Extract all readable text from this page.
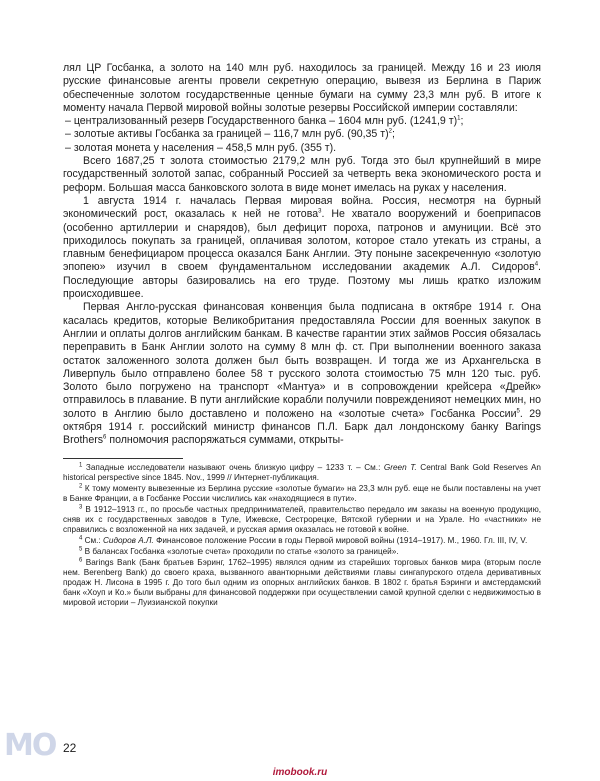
лял ЦР Госбанка, а золото на 140 млн руб. находилось за границей. Между 16 и 23 июля русские финансовые агенты провели секретную операцию, вывезя из Берлина в Париж обеспеченные золотом государственные ценные бумаги на сумму 23,3 млн руб. В итоге к моменту начала Первой мировой войны золотые резервы Российской империи составляли:

– централизованный резерв Государственного банка – 1604 млн руб. (1241,9 т)$^1$;

– золотые активы Госбанка за границей – 116,7 млн руб. (90,35 т)$^2$;

– золотая монета у населения – 458,5 млн руб. (355 т).

Всего 1687,25 т золота стоимостью 2179,2 млн руб. Тогда это был крупнейший в мире государственный золотой запас, собранный Россией за четверть века экономического роста и реформ. Большая масса банковского золота в виде монет имелась на руках у населения.

1 августа 1914 г. началась Первая мировая война. Россия, несмотря на бурный экономический рост, оказалась к ней не готова$^3$. Не хватало вооружений и боеприпасов (особенно артиллерии и снарядов), был дефицит пороха, патронов и амуниции. Всё это приходилось покупать за границей, оплачивая золотом, которое стало утекать из страны, а главным бенефициаром процесса оказался Банк Англии. Эту поныне засекреченную «золотую эпопею» изучил в своем фундаментальном исследовании академик А.Л. Сидоров$^4$. Последующие авторы базировались на его труде. Поэтому мы лишь кратко изложим происходившее.

Первая Англо-русская финансовая конвенция была подписана в октябре 1914 г. Она касалась кредитов, которые Великобритания предоставляла России для военных закупок в Англии и оплаты долгов английским банкам. В качестве гарантии этих займов Россия обязалась переправить в Банк Англии золото на сумму 8 млн ф. ст. При выполнении военного заказа остаток заложенного золота должен был быть возвращен. И тогда же из Архангельска в Ливерпуль было отправлено более 58 т русского золота стоимостью 75 млн 120 тыс. руб. Золото было погружено на транспорт «Мантуа» и в сопровождении крейсера «Дрейк» отправилось в плавание. В пути английские корабли получили поврежденияот немецких мин, но золото в Англию было доставлено и положено на «золотые счета» Госбанка России$^5$. 29 октября 1914 г. российский министр финансов П.Л. Барк дал лондонскому банку Barings Brothers$^6$ полномочия распоряжаться суммами, открыты-

$^1$ Западные исследователи называют очень близкую цифру – 1233 т. – См.: Green T. Central Bank Gold Reserves An historical perspective since 1845. Nov., 1999 // Интернет-публикация.

$^2$ К тому моменту вывезенные из Берлина русские «золотые бумаги» на 23,3 млн руб. еще не были поставлены на учет в Банке Франции, а в Госбанке России числились как «находящиеся в пути».

$^3$ В 1912–1913 гг., по просьбе частных предпринимателей, правительство передало им заказы на военную продукцию, сняв их с государственных заводов в Туле, Ижевске, Сестрорецке, Вятской губернии и на Урале. Но «частники» не справились с возложенной на них задачей, и русская армия оказалась не готовой к войне.

$^4$ См.: Сидоров А.Л. Финансовое положение России в годы Первой мировой войны (1914–1917). М., 1960. Гл. III, IV, V.

$^5$ В балансах Госбанка «золотые счета» проходили по статье «золото за границей».

$^6$ Barings Bank (Банк братьев Бэринг, 1762–1995) являлся одним из старейших торговых банков мира (вторым после нем. Berenberg Bank) до своего краха, вызванного авантюрными действиями главы сингапурского отдела деривативных продаж Н. Лисона в 1995 г. До того был одним из опорных английских банков. В 1802 г. братья Бэринги и амстердамский банк «Хоуп и Ко.» были выбраны для финансовой поддержки при осуществлении самой крупной сделки с недвижимостью в мировой истории – Луизианской покупки

22
MO
imobook.ru
